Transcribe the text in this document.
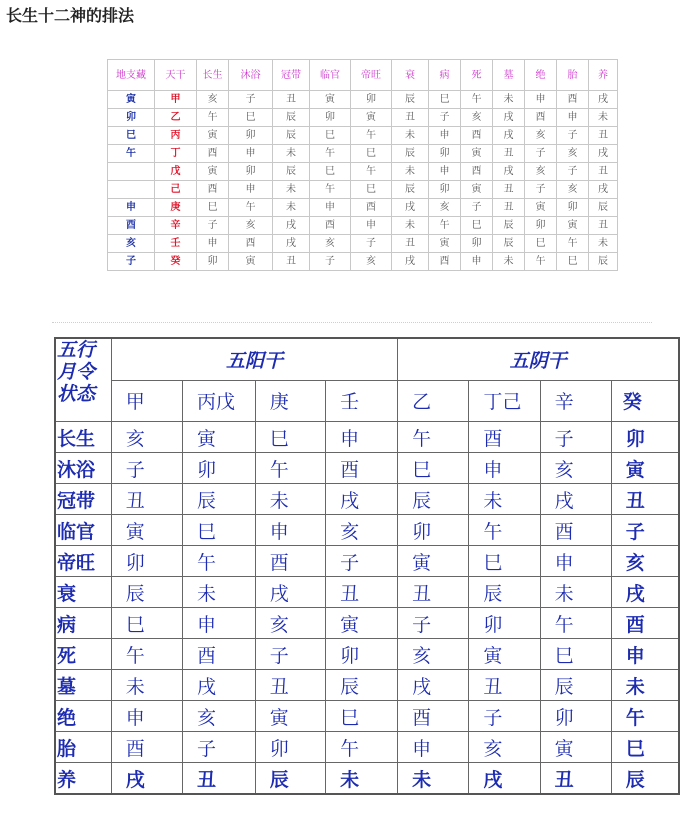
长生十二神的排法
地支藏	天干	长生	沐浴	冠带	临官	帝旺	衰	病	死	墓	绝	胎	养
寅	甲	亥	子	丑	寅	卯	辰	巳	午	未	申	酉	戌
卯	乙	午	巳	辰	卯	寅	丑	子	亥	戌	酉	申	未
巳	丙	寅	卯	辰	巳	午	未	申	酉	戌	亥	子	丑
午	丁	酉	申	未	午	巳	辰	卯	寅	丑	子	亥	戌
	戊	寅	卯	辰	巳	午	未	申	酉	戌	亥	子	丑
	己	酉	申	未	午	巳	辰	卯	寅	丑	子	亥	戌
申	庚	巳	午	未	申	酉	戌	亥	子	丑	寅	卯	辰
酉	辛	子	亥	戌	酉	申	未	午	巳	辰	卯	寅	丑
亥	壬	申	酉	戌	亥	子	丑	寅	卯	辰	巳	午	未
子	癸	卯	寅	丑	子	亥	戌	酉	申	未	午	巳	辰
五行
月令
状态	五阳干				五阴干			
	甲	丙戊	庚	壬	乙	丁己	辛	癸
长生	亥	寅	巳	申	午	酉	子	卯
沐浴	子	卯	午	酉	巳	申	亥	寅
冠带	丑	辰	未	戌	辰	未	戌	丑
临官	寅	巳	申	亥	卯	午	酉	子
帝旺	卯	午	酉	子	寅	巳	申	亥
衰	辰	未	戌	丑	丑	辰	未	戌
病	巳	申	亥	寅	子	卯	午	酉
死	午	酉	子	卯	亥	寅	巳	申
墓	未	戌	丑	辰	戌	丑	辰	未
绝	申	亥	寅	巳	酉	子	卯	午
胎	酉	子	卯	午	申	亥	寅	巳
养	戌	丑	辰	未	未	戌	丑	辰
